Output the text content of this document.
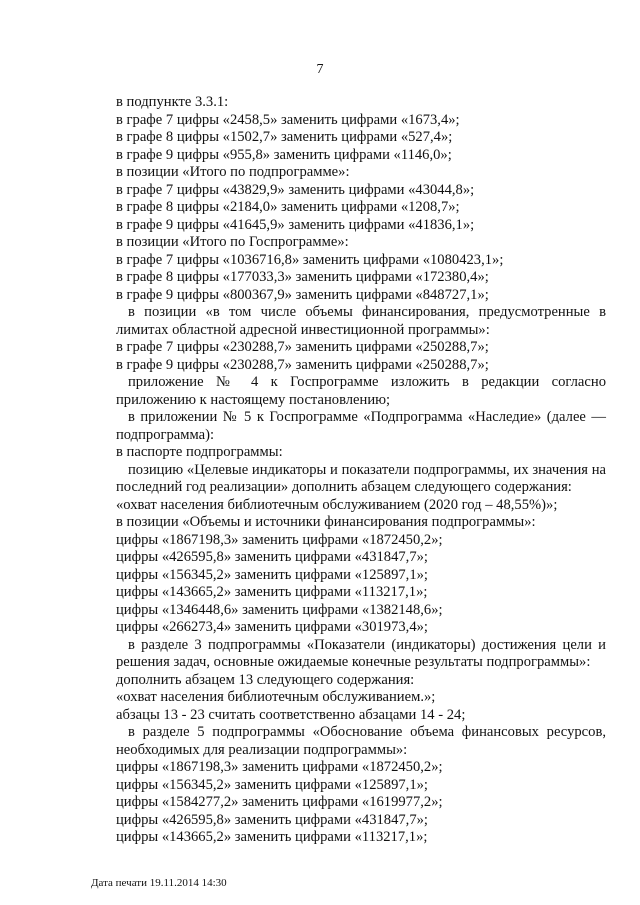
7
в подпункте 3.3.1:
в графе 7 цифры «2458,5» заменить цифрами «1673,4»;
в графе 8 цифры «1502,7» заменить цифрами «527,4»;
в графе 9 цифры «955,8» заменить цифрами «1146,0»;
в позиции «Итого по подпрограмме»:
в графе 7 цифры «43829,9» заменить цифрами «43044,8»;
в графе 8 цифры «2184,0» заменить цифрами «1208,7»;
в графе 9 цифры «41645,9» заменить цифрами «41836,1»;
в позиции «Итого по Госпрограмме»:
в графе 7 цифры «1036716,8» заменить цифрами «1080423,1»;
в графе 8 цифры «177033,3» заменить цифрами «172380,4»;
в графе 9 цифры «800367,9» заменить цифрами «848727,1»;
в позиции «в том числе объемы финансирования, предусмотренные в лимитах областной адресной инвестиционной программы»:
в графе 7 цифры «230288,7» заменить цифрами «250288,7»;
в графе 9 цифры «230288,7» заменить цифрами «250288,7»;
приложение № 4 к Госпрограмме изложить в редакции согласно приложению к настоящему постановлению;
в приложении № 5 к Госпрограмме «Подпрограмма «Наследие» (далее — подпрограмма):
в паспорте подпрограммы:
позицию «Целевые индикаторы и показатели подпрограммы, их значения на последний год реализации» дополнить абзацем следующего содержания:
«охват населения библиотечным обслуживанием (2020 год – 48,55%)»;
в позиции «Объемы и источники финансирования подпрограммы»:
цифры «1867198,3» заменить цифрами «1872450,2»;
цифры «426595,8» заменить цифрами «431847,7»;
цифры «156345,2» заменить цифрами «125897,1»;
цифры «143665,2» заменить цифрами «113217,1»;
цифры «1346448,6» заменить цифрами «1382148,6»;
цифры «266273,4» заменить цифрами «301973,4»;
в разделе 3 подпрограммы «Показатели (индикаторы) достижения цели и решения задач, основные ожидаемые конечные результаты подпрограммы»:
дополнить абзацем 13 следующего содержания:
«охват населения библиотечным обслуживанием.»;
абзацы 13 - 23 считать соответственно абзацами 14 - 24;
в разделе 5 подпрограммы «Обоснование объема финансовых ресурсов, необходимых для реализации подпрограммы»:
цифры «1867198,3» заменить цифрами «1872450,2»;
цифры «156345,2» заменить цифрами «125897,1»;
цифры «1584277,2» заменить цифрами «1619977,2»;
цифры «426595,8» заменить цифрами «431847,7»;
цифры «143665,2» заменить цифрами «113217,1»;
Дата печати 19.11.2014 14:30
